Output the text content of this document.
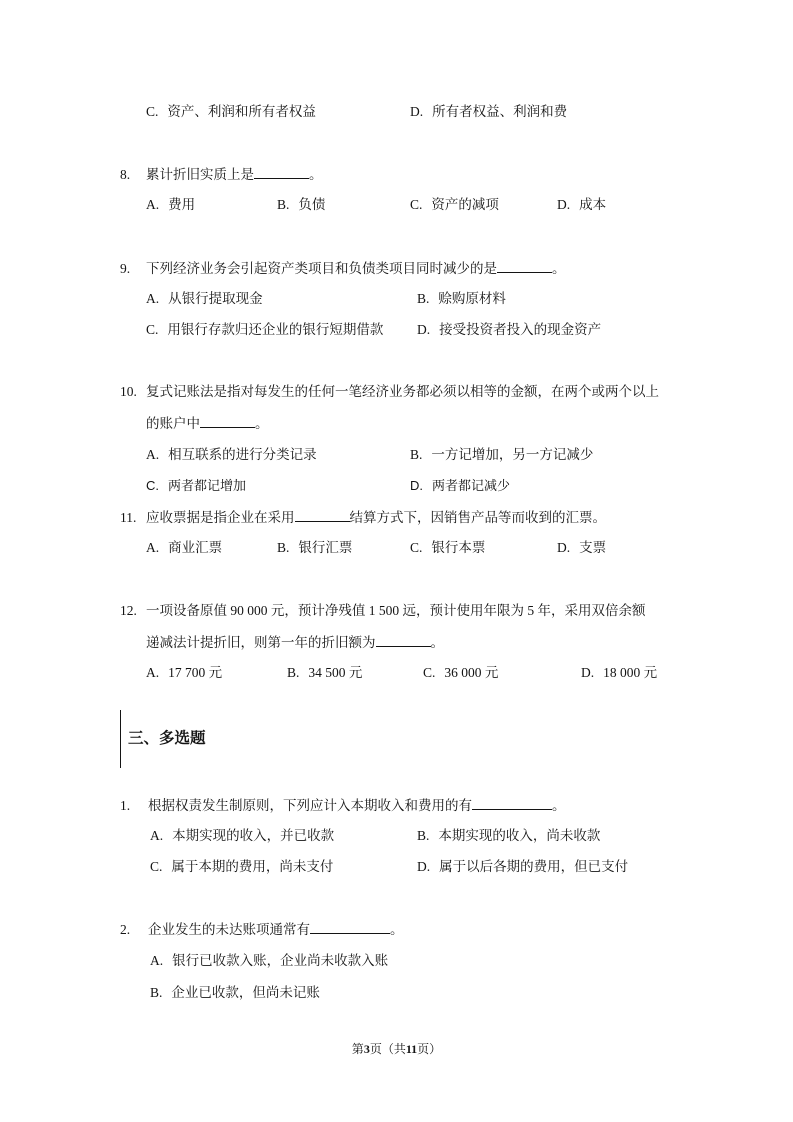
C. 资产、利润和所有者权益	D. 所有者权益、利润和费
8. 累计折旧实质上是	。
A. 费用	B. 负债	C. 资产的减项	D. 成本
9. 下列经济业务会引起资产类项目和负债类项目同时减少的是	。
A. 从银行提取现金	B. 赊购原材料
C. 用银行存款归还企业的银行短期借款 D. 接受投资者投入的现金资产
10. 复式记账法是指对每发生的任何一笔经济业务都必须以相等的金额，在两个或两个以上
的账户中	。
A. 相互联系的进行分类记录	B. 一方记增加，另一方记减少
C. 两者都记增加	D. 两者都记减少
11. 应收票据是指企业在采用	结算方式下，因销售产品等而收到的汇票。
A. 商业汇票	B. 银行汇票	C. 银行本票	D. 支票
12. 一项设备原值 90 000 元，预计净残值 1 500 远，预计使用年限为 5 年，采用双倍余额
递减法计提折旧，则第一年的折旧额为	。
A. 17 700 元	B. 34 500 元	C. 36 000 元	D. 18 000 元
三、多选题
1. 根据权责发生制原则，下列应计入本期收入和费用的有	。
A. 本期实现的收入，并已收款	B. 本期实现的收入，尚未收款
C. 属于本期的费用，尚未支付	D. 属于以后各期的费用，但已支付
2. 企业发生的未达账项通常有	。
A. 银行已收款入账，企业尚未收款入账
B. 企业已收款，但尚未记账
第3页（共11页）
